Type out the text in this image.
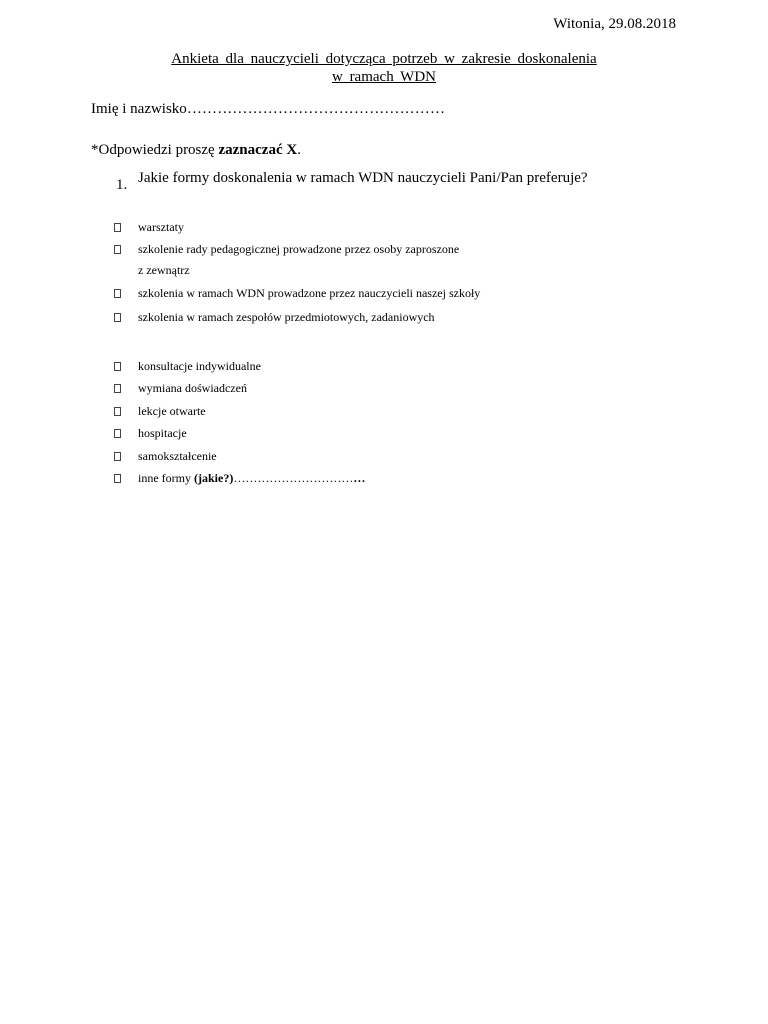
Witonia, 29.08.2018
Ankieta dla nauczycieli dotycząca potrzeb w zakresie doskonalenia
w ramach WDN
Imię i nazwisko……………………………………………
*Odpowiedzi proszę zaznaczać X.
1. Jakie formy doskonalenia w ramach WDN nauczycieli Pani/Pan preferuje?
warsztaty
szkolenie rady pedagogicznej prowadzone przez osoby zaproszone
z zewnątrz
szkolenia w ramach WDN prowadzone przez nauczycieli naszej szkoły
szkolenia w ramach zespołów przedmiotowych, zadaniowych
konsultacje indywidualne
wymiana doświadczeń
lekcje otwarte
hospitacje
samokształcenie
inne formy (jakie?)……………………………
